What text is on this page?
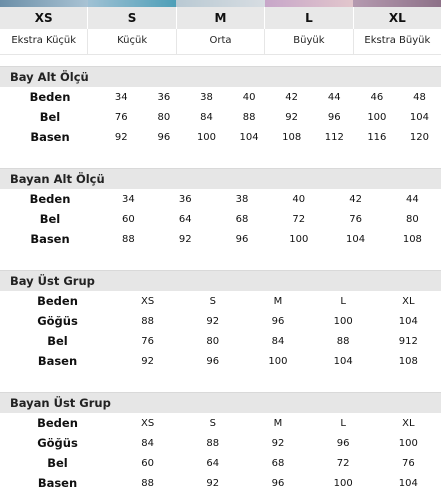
XS	S	M	L	XL
Ekstra Küçük	Küçük	Orta	Büyük	Ekstra Büyük
Bay Alt Ölçü
Beden	34	36	38	40	42	44	46	48
Bel	76	80	84	88	92	96	100	104
Basen	92	96	100	104	108	112	116	120
Bayan Alt Ölçü
Beden	34	36	38	40	42	44
Bel	60	64	68	72	76	80
Basen	88	92	96	100	104	108
Bay Üst Grup
Beden	XS	S	M	L	XL
Göğüs	88	92	96	100	104
Bel	76	80	84	88	912
Basen	92	96	100	104	108
Bayan Üst Grup
Beden	XS	S	M	L	XL
Göğüs	84	88	92	96	100
Bel	60	64	68	72	76
Basen	88	92	96	100	104
